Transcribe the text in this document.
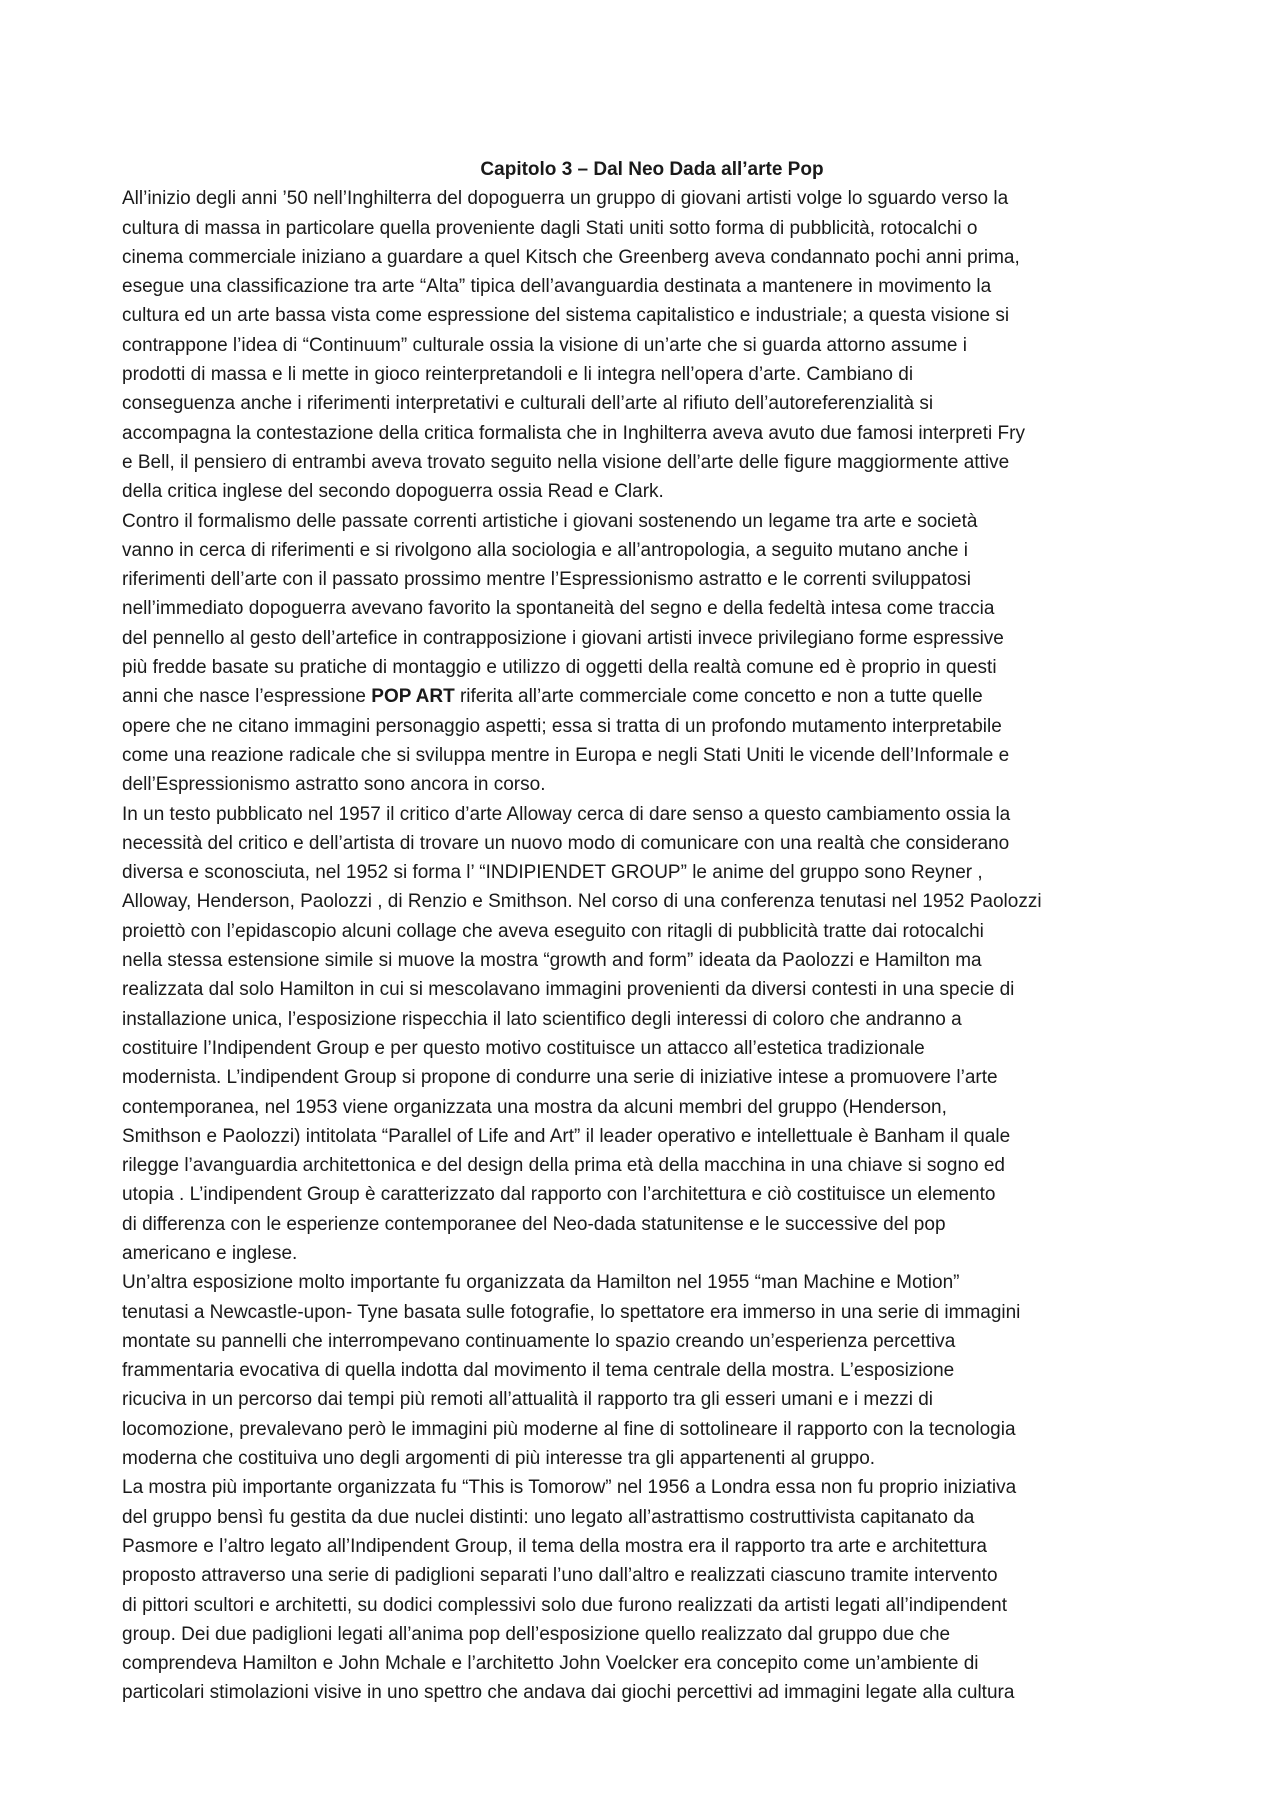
Capitolo 3 – Dal Neo Dada all’arte Pop
All’inizio degli anni ’50 nell’Inghilterra del dopoguerra un gruppo di giovani artisti volge lo sguardo verso la
cultura di massa in particolare quella proveniente dagli Stati uniti sotto forma di pubblicità, rotocalchi o
cinema commerciale iniziano a guardare a quel Kitsch che Greenberg aveva condannato pochi anni prima,
esegue una classificazione tra arte “Alta” tipica dell’avanguardia destinata a mantenere in movimento la
cultura ed un arte bassa vista come espressione del sistema capitalistico e industriale; a questa visione si
contrappone l’idea di “Continuum” culturale ossia la visione di un’arte che si guarda attorno assume i
prodotti di massa e li mette in gioco reinterpretandoli e li integra nell’opera d’arte. Cambiano di
conseguenza anche i riferimenti interpretativi e culturali dell’arte al rifiuto dell’autoreferenzialità si
accompagna la contestazione della critica formalista che in Inghilterra aveva avuto due famosi interpreti Fry
e Bell, il pensiero di entrambi aveva trovato seguito nella visione dell’arte delle figure maggiormente attive
della critica inglese del secondo dopoguerra ossia Read e Clark.
Contro il formalismo delle passate correnti artistiche i giovani sostenendo un legame tra arte e società
vanno in cerca di riferimenti e si rivolgono alla sociologia e all’antropologia, a seguito mutano anche i
riferimenti dell’arte con il passato prossimo mentre l’Espressionismo astratto e le correnti sviluppatosi
nell’immediato dopoguerra avevano favorito la spontaneità del segno e della fedeltà intesa come traccia
del pennello al gesto dell’artefice in contrapposizione i giovani artisti invece privilegiano forme espressive
più fredde basate su pratiche di montaggio e utilizzo di oggetti della realtà comune ed è proprio in questi
anni che nasce l’espressione POP ART riferita all’arte commerciale come concetto e non a tutte quelle
opere che ne citano immagini personaggio aspetti; essa si tratta di un profondo mutamento interpretabile
come una reazione radicale che si sviluppa mentre in Europa e negli Stati Uniti le vicende dell’Informale e
dell’Espressionismo astratto sono ancora in corso.
In un testo pubblicato nel 1957 il critico d’arte Alloway cerca di dare senso a questo cambiamento ossia la
necessità del critico e dell’artista di trovare un nuovo modo di comunicare con una realtà che considerano
diversa e sconosciuta, nel 1952 si forma l’ “INDIPIENDET GROUP” le anime del gruppo sono Reyner ,
Alloway, Henderson, Paolozzi , di Renzio e Smithson. Nel corso di una conferenza tenutasi nel 1952 Paolozzi
proiettò con l’epidascopio alcuni collage che aveva eseguito con ritagli di pubblicità tratte dai rotocalchi
nella stessa estensione simile si muove la mostra “growth and form” ideata da Paolozzi e Hamilton ma
realizzata dal solo Hamilton in cui si mescolavano immagini provenienti da diversi contesti in una specie di
installazione unica, l’esposizione rispecchia il lato scientifico degli interessi di coloro che andranno a
costituire l’Indipendent Group e per questo motivo costituisce un attacco all’estetica tradizionale
modernista. L’indipendent Group si propone di condurre una serie di iniziative intese a promuovere l’arte
contemporanea, nel 1953 viene organizzata una mostra da alcuni membri del gruppo (Henderson,
Smithson e Paolozzi) intitolata “Parallel of Life and Art” il leader operativo e intellettuale è Banham il quale
rilegge l’avanguardia architettonica e del design della prima età della macchina in una chiave si sogno ed
utopia . L’indipendent Group è caratterizzato dal rapporto con l’architettura e ciò costituisce un elemento
di differenza con le esperienze contemporanee del Neo-dada statunitense e le successive del pop
americano e inglese.
Un’altra esposizione molto importante fu organizzata da Hamilton nel 1955 “man Machine e Motion”
tenutasi a Newcastle-upon- Tyne basata sulle fotografie, lo spettatore era immerso in una serie di immagini
montate su pannelli che interrompevano continuamente lo spazio creando un’esperienza percettiva
frammentaria evocativa di quella indotta dal movimento il tema centrale della mostra. L’esposizione
ricuciva in un percorso dai tempi più remoti all’attualità il rapporto tra gli esseri umani e i mezzi di
locomozione, prevalevano però le immagini più moderne al fine di sottolineare il rapporto con la tecnologia
moderna che costituiva uno degli argomenti di più interesse tra gli appartenenti al gruppo.
La mostra più importante organizzata fu “This is Tomorow” nel 1956 a Londra essa non fu proprio iniziativa
del gruppo bensì fu gestita da due nuclei distinti: uno legato all’astrattismo costruttivista capitanato da
Pasmore e l’altro legato all’Indipendent Group, il tema della mostra era il rapporto tra arte e architettura
proposto attraverso una serie di padiglioni separati l’uno dall’altro e realizzati ciascuno tramite intervento
di pittori scultori e architetti, su dodici complessivi solo due furono realizzati da artisti legati all’indipendent
group. Dei due padiglioni legati all’anima pop dell’esposizione quello realizzato dal gruppo due che
comprendeva Hamilton e John Mchale e l’architetto John Voelcker era concepito come un’ambiente di
particolari stimolazioni visive in uno spettro che andava dai giochi percettivi ad immagini legate alla cultura
